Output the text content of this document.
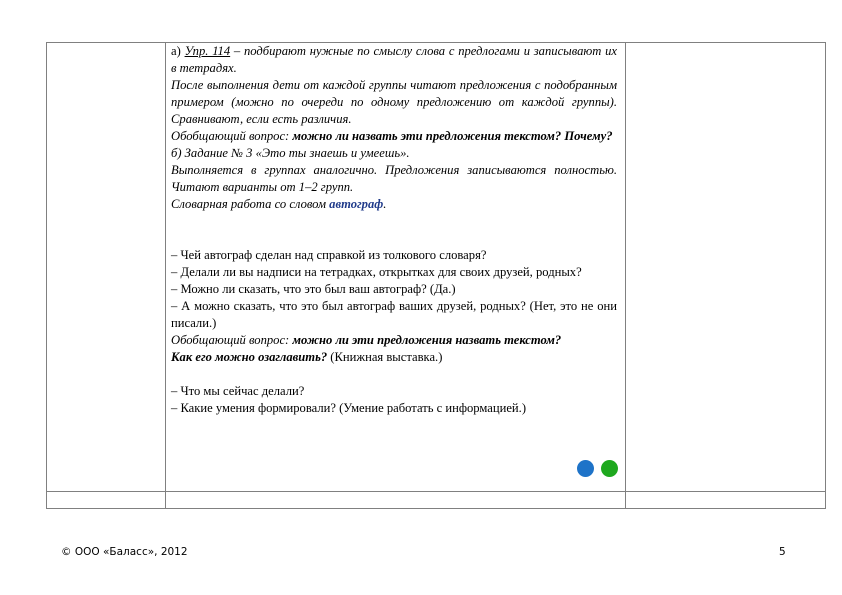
а) Упр. 114 – подбирают нужные по смыслу слова с предлогами и записывают их в тетрадях.

После выполнения дети от каждой группы читают предложения с подобранным примером (можно по очереди по одному предложению от каждой группы). Сравнивают, если есть различия.

Обобщающий вопрос: можно ли назвать эти предложения текстом? Почему?

б) Задание № 3 «Это ты знаешь и умеешь».

Выполняется в группах аналогично. Предложения записываются полностью. Читают варианты от 1–2 групп.

Словарная работа со словом автограф.

– Чей автограф сделан над справкой из толкового словаря?

– Делали ли вы надписи на тетрадках, открытках для своих друзей, родных?

– Можно ли сказать, что это был ваш автограф? (Да.)

– А можно сказать, что это был автограф ваших друзей, родных? (Нет, это не они писали.)

Обобщающий вопрос: можно ли эти предложения назвать текстом?

Как его можно озаглавить? (Книжная выставка.)

– Что мы сейчас делали?

– Какие умения формировали? (Умение работать с информацией.)

© ООО «Баласс», 2012	5
